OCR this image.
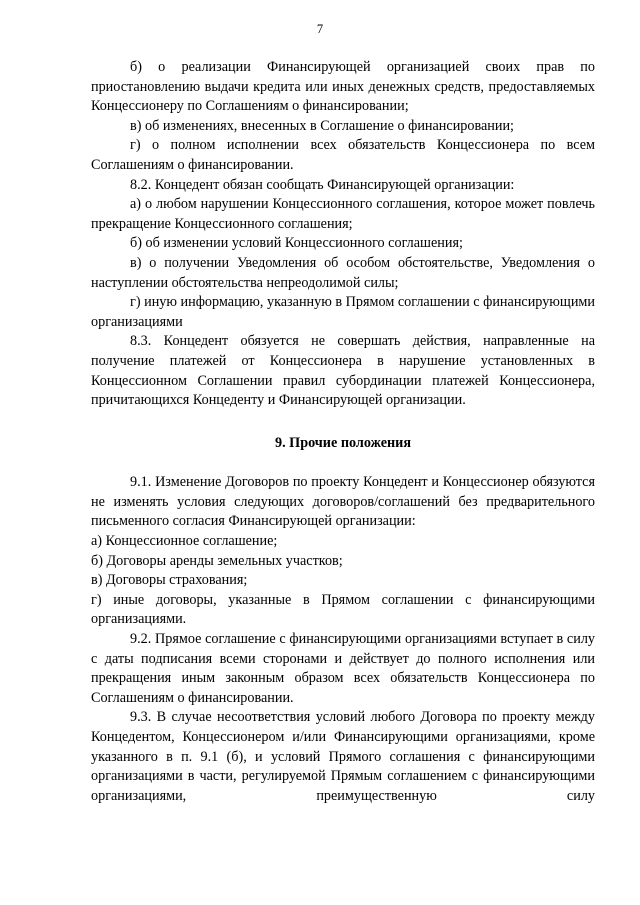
7

б) о реализации Финансирующей организацией своих прав по приостановлению выдачи кредита или иных денежных средств, предоставляемых Концессионеру по Соглашениям о финансировании;

в) об изменениях, внесенных в Соглашение о финансировании;

г) о полном исполнении всех обязательств Концессионера по всем Соглашениям о финансировании.

8.2. Концедент обязан сообщать Финансирующей организации:

а) о любом нарушении Концессионного соглашения, которое может повлечь прекращение Концессионного соглашения;

б) об изменении условий Концессионного соглашения;

в) о получении Уведомления об особом обстоятельстве, Уведомления о наступлении обстоятельства непреодолимой силы;

г) иную информацию, указанную в Прямом соглашении с финансирующими организациями

8.3. Концедент обязуется не совершать действия, направленные на получение платежей от Концессионера в нарушение установленных в Концессионном Соглашении правил субординации платежей Концессионера, причитающихся Концеденту и Финансирующей организации.

9. Прочие положения

9.1. Изменение Договоров по проекту Концедент и Концессионер обязуются не изменять условия следующих договоров/соглашений без предварительного письменного согласия Финансирующей организации:

а) Концессионное соглашение;

б) Договоры аренды земельных участков;

в) Договоры страхования;

г) иные договоры, указанные в Прямом соглашении с финансирующими организациями.

9.2. Прямое соглашение с финансирующими организациями вступает в силу с даты подписания всеми сторонами и действует до полного исполнения или прекращения иным законным образом всех обязательств Концессионера по Соглашениям о финансировании.

9.3. В случае несоответствия условий любого Договора по проекту между Концедентом, Концессионером и/или Финансирующими организациями, кроме указанного в п. 9.1 (б), и условий Прямого соглашения с финансирующими организациями в части, регулируемой Прямым соглашением с финансирующими организациями, преимущественную силу
